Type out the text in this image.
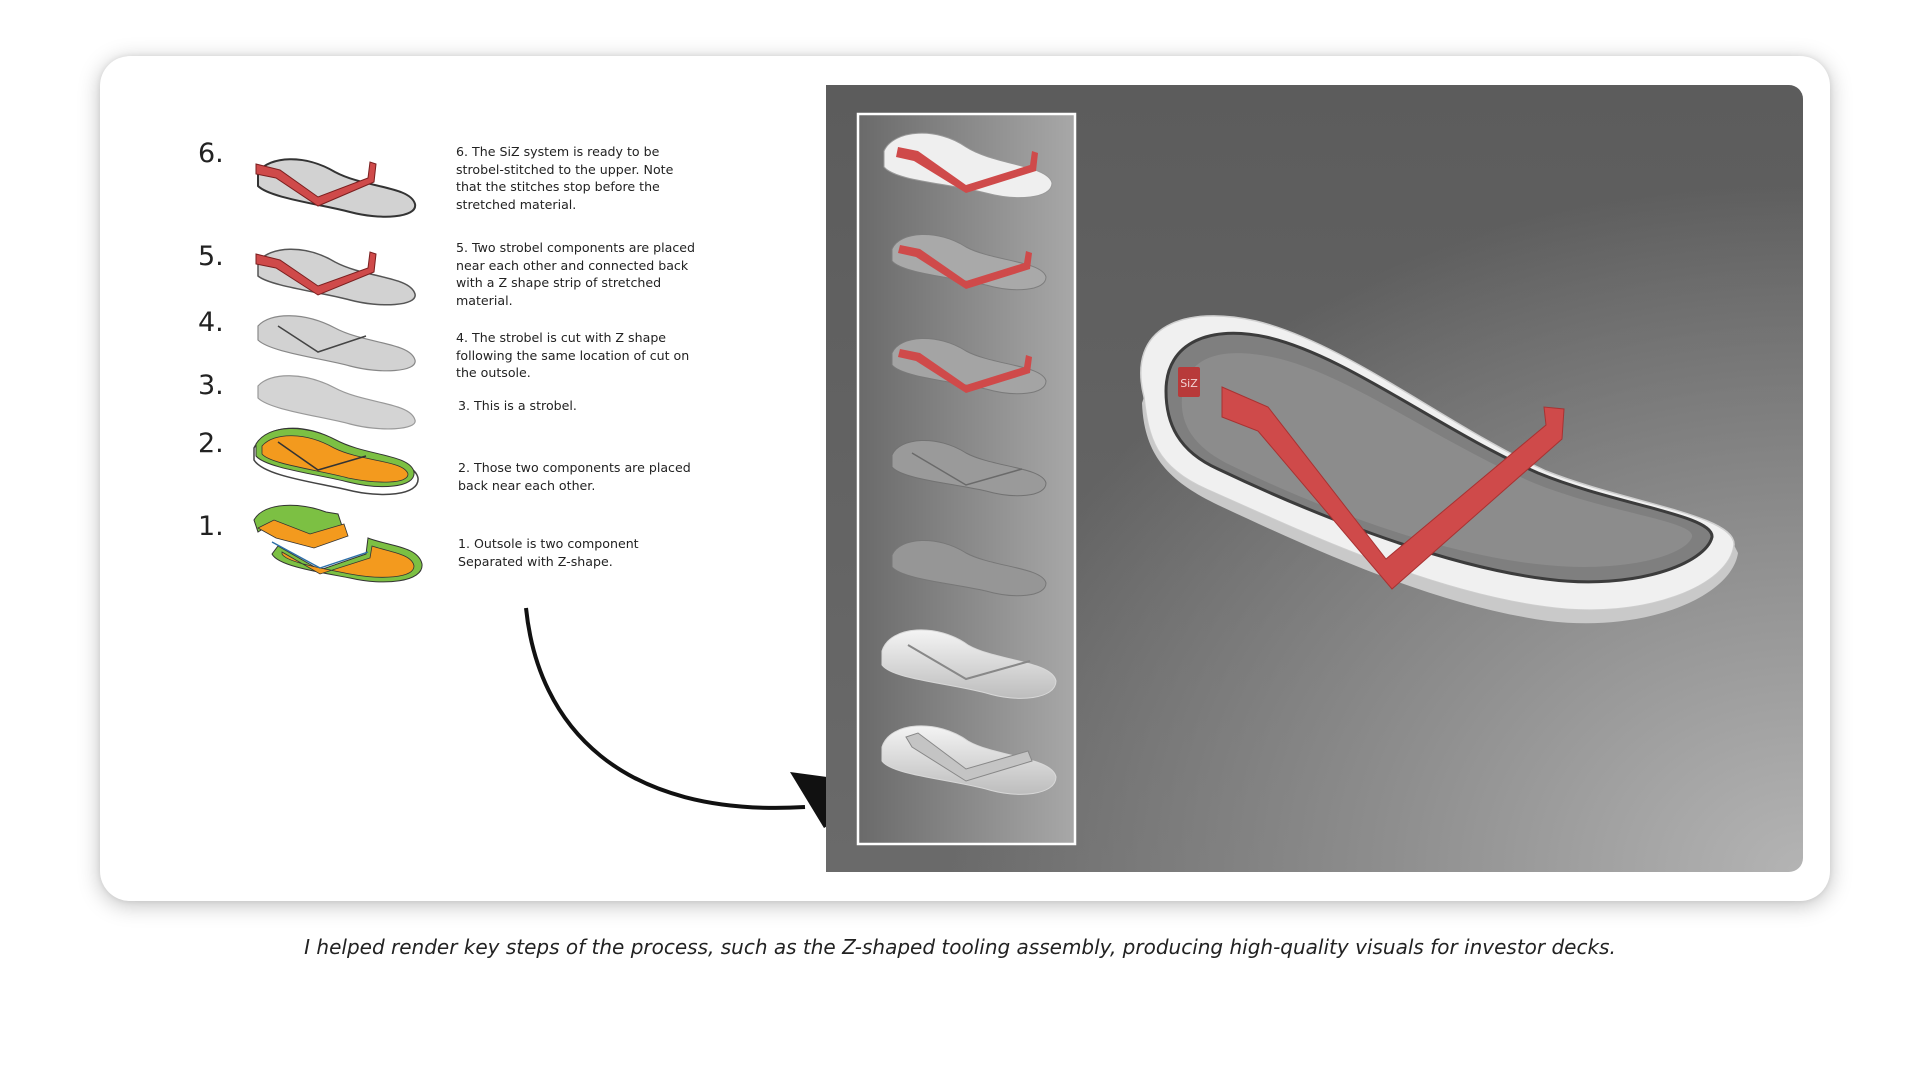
6.	6. The SiZ system is ready to be strobel-stitched to the upper. Note that the stitches stop before the stretched material.

5.	5. Two strobel components are placed near each other and connected back with a Z shape strip of stretched material.

4.	4. The strobel is cut with Z shape following the same location of cut on the outsole.

3.

3. This is a strobel.

2.

2. Those two components are placed back near each other.

1.

1. Outsole is two component Separated with Z-shape.

SiZ

I helped render key steps of the process, such as the Z-shaped tooling assembly, producing high-quality visuals for investor decks.
